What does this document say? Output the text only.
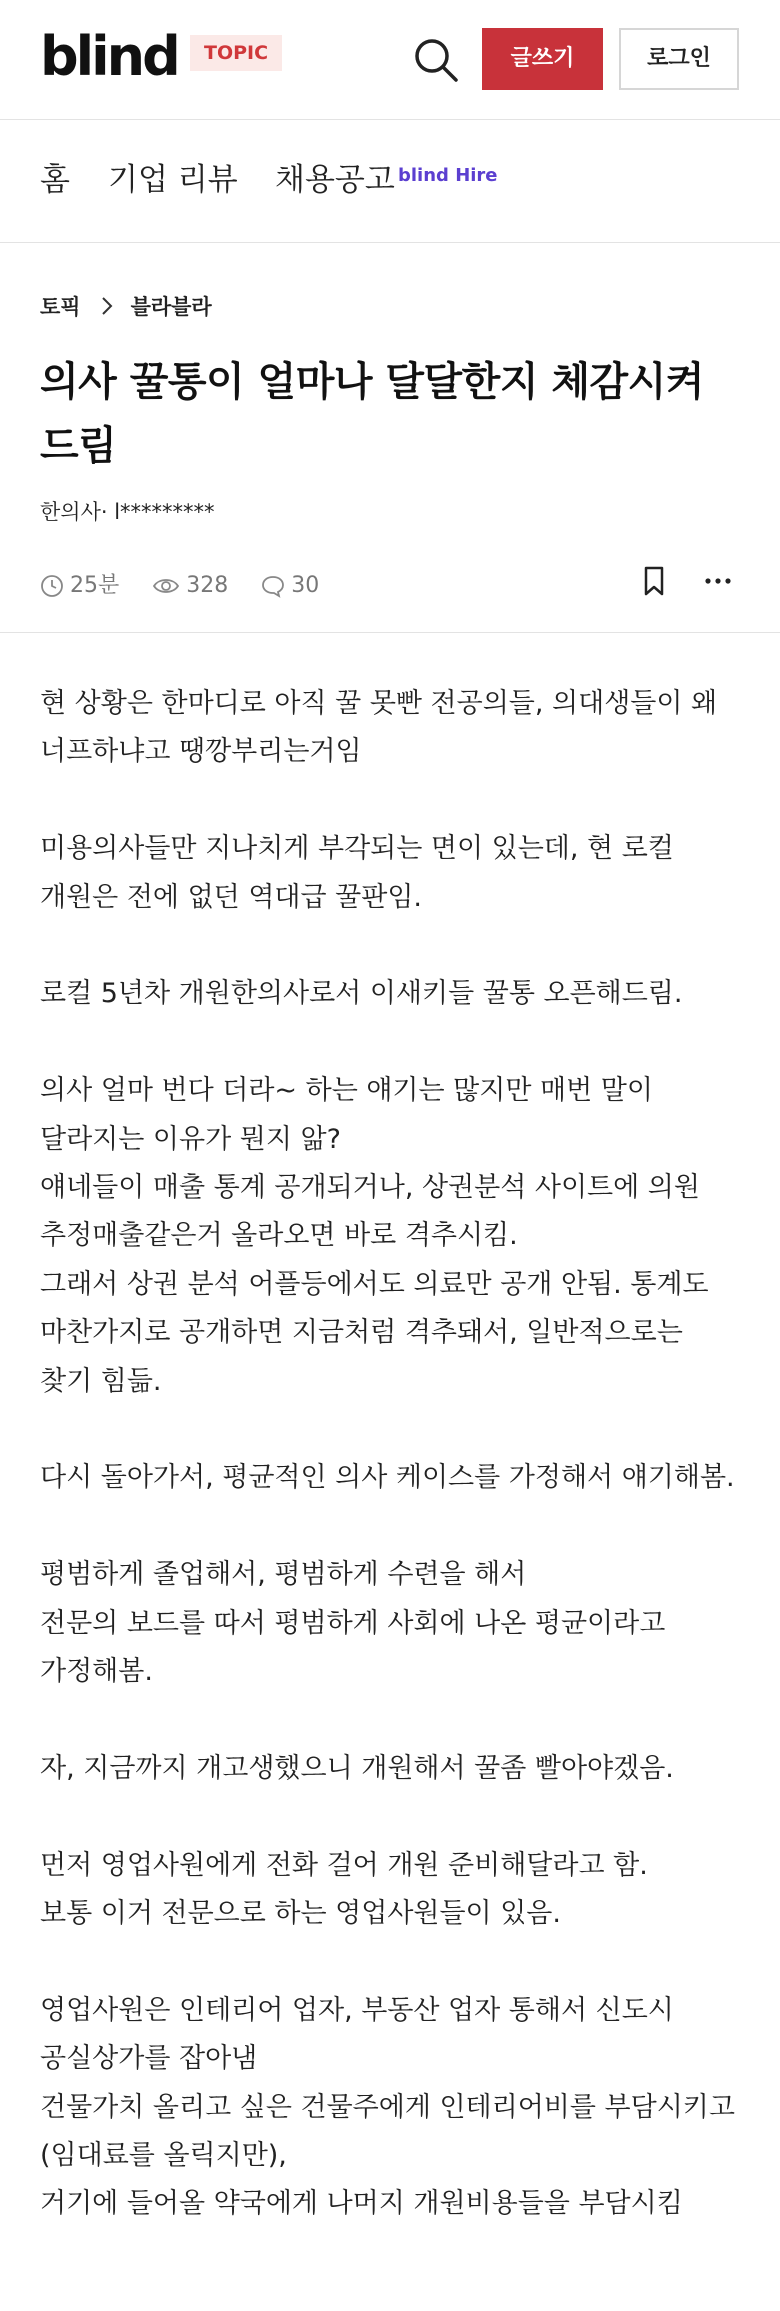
blind	TOPIC	글쓰기	로그인
홈 기업 리뷰 채용공고 blind Hire
토픽 블라블라
의사 꿀통이 얼마나 달달한지 체감시켜드림
한의사· l*********
25분	328	30
현 상황은 한마디로 아직 꿀 못빤 전공의들, 의대생들이 왜 너프하냐고 땡깡부리는거임
미용의사들만 지나치게 부각되는 면이 있는데, 현 로컬 개원은 전에 없던 역대급 꿀판임.
로컬 5년차 개원한의사로서 이새키들 꿀통 오픈해드림.
의사 얼마 번다 더라~ 하는 얘기는 많지만 매번 말이 달라지는 이유가 뭔지 앎?
얘네들이 매출 통계 공개되거나, 상권분석 사이트에 의원 추정매출같은거 올라오면 바로 격추시킴.
그래서 상권 분석 어플등에서도 의료만 공개 안됨. 통계도 마찬가지로 공개하면 지금처럼 격추돼서, 일반적으로는 찾기 힘듦.
다시 돌아가서, 평균적인 의사 케이스를 가정해서 얘기해봄.
평범하게 졸업해서, 평범하게 수련을 해서
전문의 보드를 따서 평범하게 사회에 나온 평균이라고 가정해봄.
자, 지금까지 개고생했으니 개원해서 꿀좀 빨아야겠음.
먼저 영업사원에게 전화 걸어 개원 준비해달라고 함.
보통 이거 전문으로 하는 영업사원들이 있음.
영업사원은 인테리어 업자, 부동산 업자 통해서 신도시 공실상가를 잡아냄
건물가치 올리고 싶은 건물주에게 인테리어비를 부담시키고(임대료를 올릭지만),
거기에 들어올 약국에게 나머지 개원비용들을 부담시킴
